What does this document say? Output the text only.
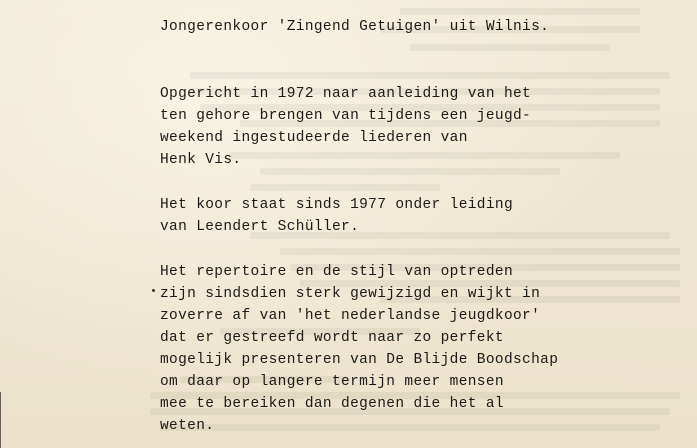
Jongerenkoor 'Zingend Getuigen' uit Wilnis.
Opgericht in 1972 naar aanleiding van het
ten gehore brengen van tijdens een jeugd-
weekend ingestudeerde liederen van
Henk Vis.
Het koor staat sinds 1977 onder leiding
van Leendert Schüller.
Het repertoire en de stijl van optreden
zijn sindsdien sterk gewijzigd en wijkt in
zoverre af van 'het nederlandse jeugdkoor'
dat er gestreefd wordt naar zo perfekt
mogelijk presenteren van De Blijde Boodschap
om daar op langere termijn meer mensen
mee te bereiken dan degenen die het al
weten.
